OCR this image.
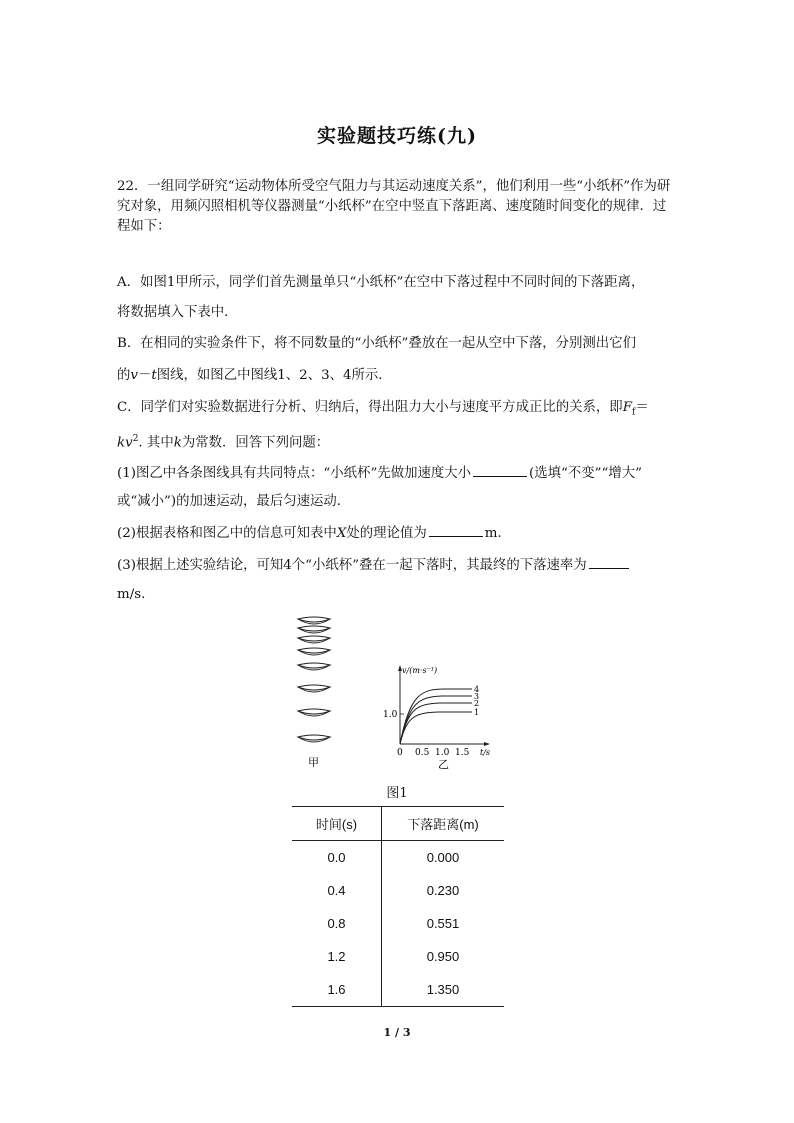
实验题技巧练(九)
22．一组同学研究“运动物体所受空气阻力与其运动速度关系”，他们利用一些“小纸杯”作为研究对象，用频闪照相机等仪器测量“小纸杯”在空中竖直下落距离、速度随时间变化的规律．过程如下：
A．如图1甲所示，同学们首先测量单只“小纸杯”在空中下落过程中不同时间的下落距离，
将数据填入下表中．
B．在相同的实验条件下，将不同数量的“小纸杯”叠放在一起从空中下落，分别测出它们
的v－t图线，如图乙中图线1、2、3、4所示．
C．同学们对实验数据进行分析、归纳后，得出阻力大小与速度平方成正比的关系，即$F_f=$
$kv^2$. 其中k为常数．回答下列问题：
(1)图乙中各条图线具有共同特点：“小纸杯”先做加速度大小	(选填“不变”“增大”
或“减小”)的加速运动，最后匀速运动．
(2)根据表格和图乙中的信息可知表中X处的理论值为	m.
(3)根据上述实验结论，可知4个“小纸杯”叠在一起下落时，其最终的下落速率为
m/s.
甲
v/(m·s⁻¹)
t/s
1.0
0 0.5 1.0 1.5
4
3
2
1
乙
图1
时间(s)	下落距离(m)
0.0	0.000
0.4	0.230
0.8	0.551
1.2	0.950
1.6	1.350
1 / 3
